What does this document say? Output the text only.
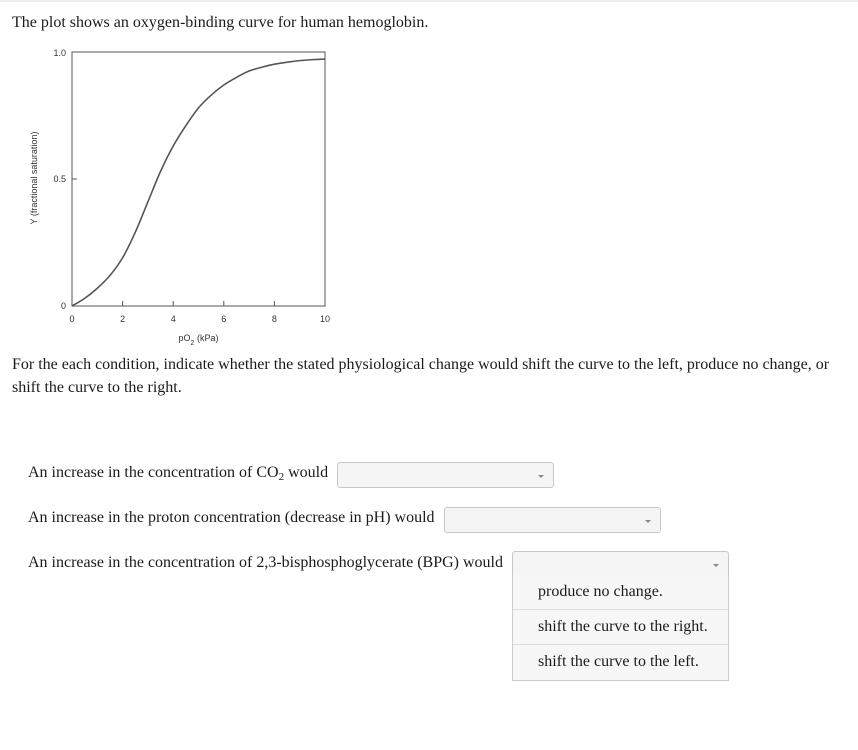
The plot shows an oxygen-binding curve for human hemoglobin.

0	2	4	6	8	10
0
0.5
1.0
$pO_2$ (kPa)
Y (fractional saturation)

For the each condition, indicate whether the stated physiological change would shift the curve to the left, produce no change, or shift the curve to the right.

An increase in the concentration of $CO_2$ would
An increase in the proton concentration (decrease in pH) would
An increase in the concentration of 2,3-bisphosphoglycerate (BPG) would
produce no change.
shift the curve to the right.
shift the curve to the left.
